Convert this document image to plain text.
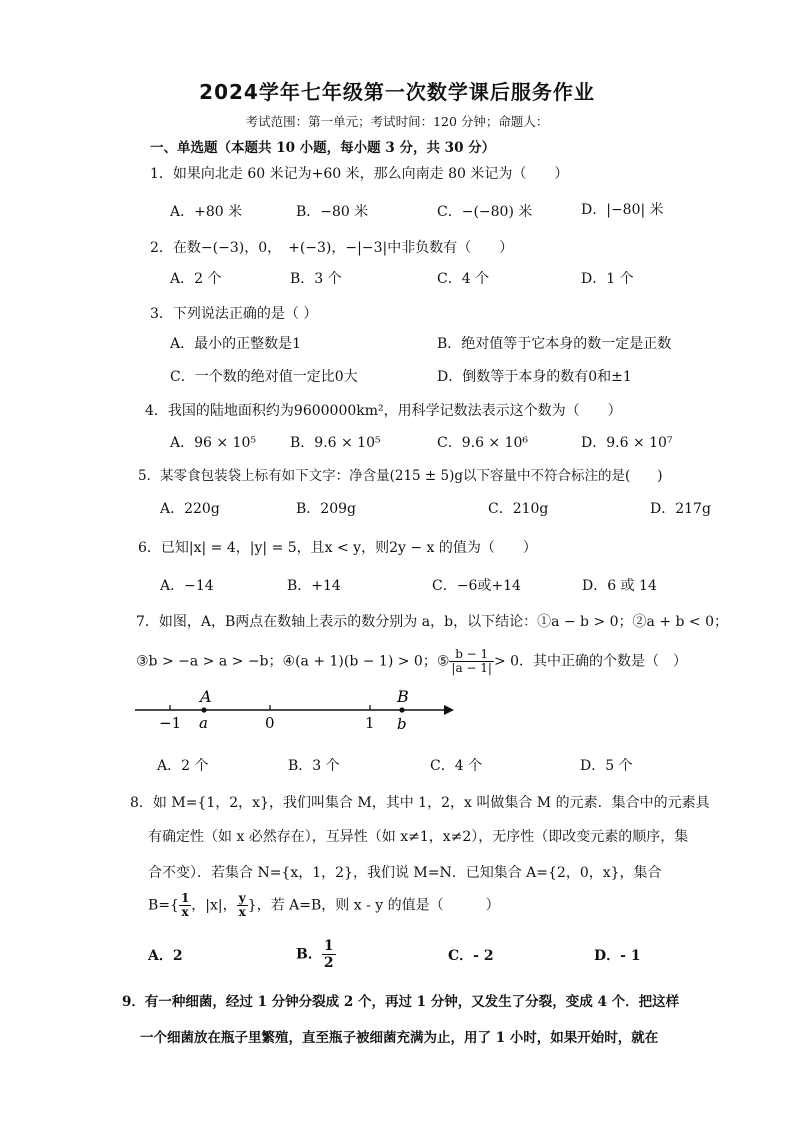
2024学年七年级第一次数学课后服务作业
考试范围：第一单元；考试时间：120 分钟；命题人：
一、单选题（本题共 10 小题，每小题 3 分，共 30 分）
1．如果向北走 60 米记为+60 米，那么向南走 80 米记为（　　）
A．+80 米	B．−80 米	C．−(−80) 米	D．|−80| 米
2．在数−(−3)，0，　+(−3)，−|−3|中非负数有（　　）
A．2 个	B．3 个	C．4 个	D．1 个
3．下列说法正确的是（ ）
A．最小的正整数是1	B．绝对值等于它本身的数一定是正数
C．一个数的绝对值一定比0大	D．倒数等于本身的数有0和±1
4．我国的陆地面积约为9600000km²，用科学记数法表示这个数为（　　）
A．96 × 10⁵ B．9.6 × 10⁵	C．9.6 × 10⁶	D．9.6 × 10⁷
5．某零食包装袋上标有如下文字：净含量(215 ± 5)g以下容量中不符合标注的是(　　)
A．220g	B．209g	C．210g	D．217g
6．已知|x| = 4，|y| = 5，且x < y，则2y − x 的值为（　　）
A．−14	B．+14	C．−6或+14	D．6 或 14
7．如图，A，B两点在数轴上表示的数分别为 a，b，以下结论：①a − b > 0；②a + b < 0；
③b > −a > a > −b；④(a + 1)(b − 1) > 0；⑤ $\frac{b - 1}{|a - 1|} > 0$．其中正确的个数是（　）
A	B
−1 a	0	1 b
A．2 个	B．3 个	C．4 个	D．5 个
8．如 M={1，2，x}，我们叫集合 M，其中 1，2，x 叫做集合 M 的元素．集合中的元素具
有确定性（如 x 必然存在），互异性（如 x≠1，x≠2），无序性（即改变元素的顺序，集
合不变）．若集合 N={x，1，2}，我们说 M=N．已知集合 A={2，0，x}，集合
$B=\{ \frac{1}{x}$ ，|x|， $\frac{y}{x}$ }，若 A=B，则 x - y 的值是（　　　）
A．2	B． $\frac{1}{2}$	C．- 2	D．- 1
9．有一种细菌，经过 1 分钟分裂成 2 个，再过 1 分钟，又发生了分裂，变成 4 个．把这样
一个细菌放在瓶子里繁殖，直至瓶子被细菌充满为止，用了 1 小时，如果开始时，就在
